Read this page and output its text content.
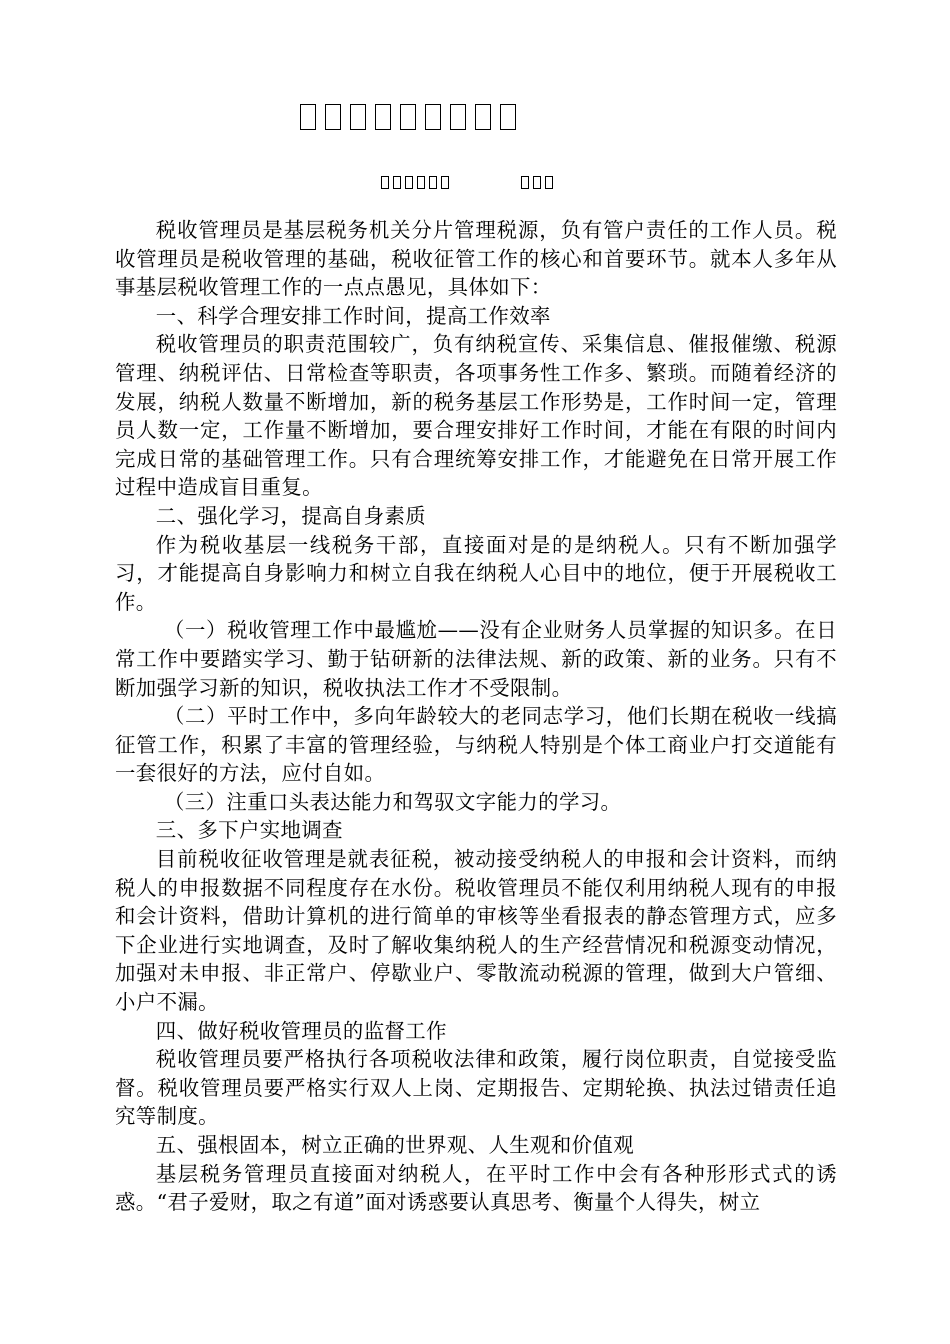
税收管理员是基层税务机关分片管理税源，负有管户责任的工作人员。税收管理员是税收管理的基础，税收征管工作的核心和首要环节。就本人多年从事基层税收管理工作的一点点愚见，具体如下：

一、科学合理安排工作时间，提高工作效率

税收管理员的职责范围较广，负有纳税宣传、采集信息、催报催缴、税源管理、纳税评估、日常检查等职责，各项事务性工作多、繁琐。而随着经济的发展，纳税人数量不断增加，新的税务基层工作形势是，工作时间一定，管理员人数一定，工作量不断增加，要合理安排好工作时间，才能在有限的时间内完成日常的基础管理工作。只有合理统筹安排工作，才能避免在日常开展工作过程中造成盲目重复。

二、强化学习，提高自身素质

作为税收基层一线税务干部，直接面对是的是纳税人。只有不断加强学习，才能提高自身影响力和树立自我在纳税人心目中的地位，便于开展税收工作。

（一）税收管理工作中最尴尬——没有企业财务人员掌握的知识多。在日常工作中要踏实学习、勤于钻研新的法律法规、新的政策、新的业务。只有不断加强学习新的知识，税收执法工作才不受限制。

（二）平时工作中，多向年龄较大的老同志学习，他们长期在税收一线搞征管工作，积累了丰富的管理经验，与纳税人特别是个体工商业户打交道能有一套很好的方法，应付自如。

（三）注重口头表达能力和驾驭文字能力的学习。

三、多下户实地调查

目前税收征收管理是就表征税，被动接受纳税人的申报和会计资料，而纳税人的申报数据不同程度存在水份。税收管理员不能仅利用纳税人现有的申报和会计资料，借助计算机的进行简单的审核等坐看报表的静态管理方式，应多下企业进行实地调查，及时了解收集纳税人的生产经营情况和税源变动情况，加强对未申报、非正常户、停歇业户、零散流动税源的管理，做到大户管细、小户不漏。

四、做好税收管理员的监督工作

税收管理员要严格执行各项税收法律和政策，履行岗位职责，自觉接受监督。税收管理员要严格实行双人上岗、定期报告、定期轮换、执法过错责任追究等制度。

五、强根固本，树立正确的世界观、人生观和价值观

基层税务管理员直接面对纳税人，在平时工作中会有各种形形式式的诱惑。“君子爱财，取之有道”面对诱惑要认真思考、衡量个人得失，树立
